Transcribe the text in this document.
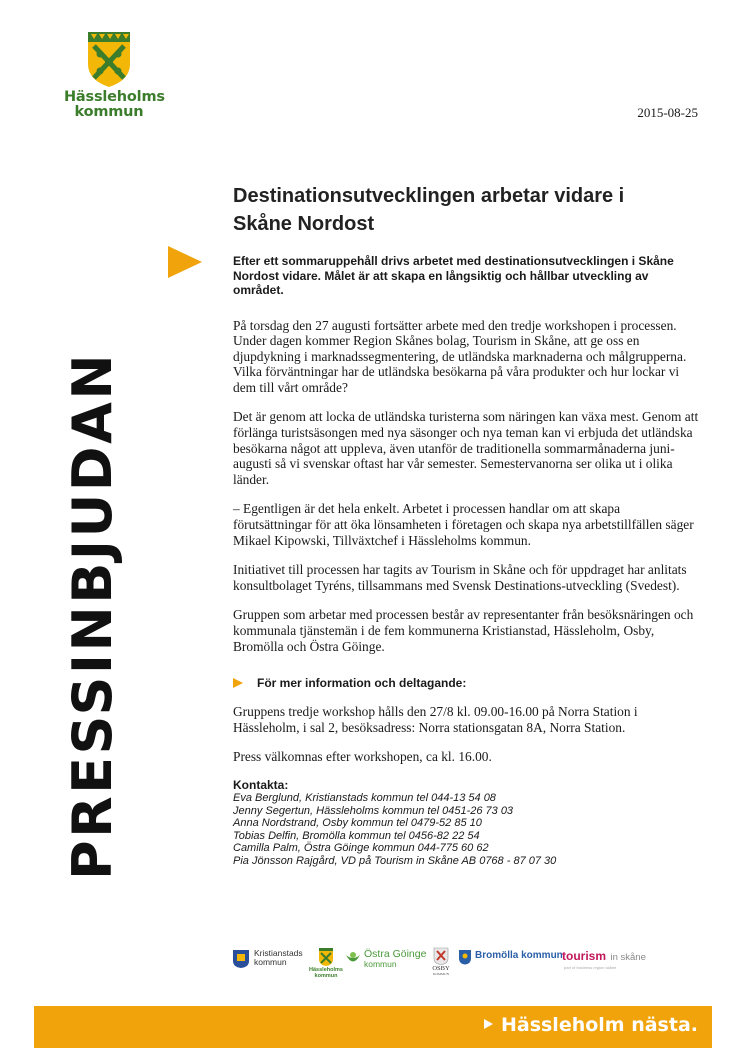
Hässleholms
kommun	2015-08-25
PRESSINBJUDAN
Destinationsutvecklingen arbetar vidare i
Skåne Nordost

Efter ett sommaruppehåll drivs arbetet med destinationsutvecklingen i Skåne Nordost vidare. Målet är att skapa en långsiktig och hållbar utveckling av området.

På torsdag den 27 augusti fortsätter arbete med den tredje workshopen i processen. Under dagen kommer Region Skånes bolag, Tourism in Skåne, att ge oss en djupdykning i marknadssegmentering, de utländska marknaderna och målgrupperna. Vilka förväntningar har de utländska besökarna på våra produkter och hur lockar vi dem till vårt område?

Det är genom att locka de utländska turisterna som näringen kan växa mest. Genom att förlänga turistsäsongen med nya säsonger och nya teman kan vi erbjuda det utländska besökarna något att uppleva, även utanför de traditionella sommarmånaderna juni-augusti så vi svenskar oftast har vår semester. Semestervanorna ser olika ut i olika länder.

– Egentligen är det hela enkelt. Arbetet i processen handlar om att skapa förutsättningar för att öka lönsamheten i företagen och skapa nya arbetstillfällen säger Mikael Kipowski, Tillväxtchef i Hässleholms kommun.

Initiativet till processen har tagits av Tourism in Skåne och för uppdraget har anlitats konsultbolaget Tyréns, tillsammans med Svensk Destinations-utveckling (Svedest).

Gruppen som arbetar med processen består av representanter från besöksnäringen och kommunala tjänstemän i de fem kommunerna Kristianstad, Hässleholm, Osby, Bromölla och Östra Göinge.

För mer information och deltagande:

Gruppens tredje workshop hålls den 27/8 kl. 09.00-16.00 på Norra Station i Hässleholm, i sal 2, besöksadress: Norra stationsgatan 8A, Norra Station.

Press välkomnas efter workshopen, ca kl. 16.00.

Kontakta:
Eva Berglund, Kristianstads kommun tel 044-13 54 08
Jenny Segertun, Hässleholms kommun tel 0451-26 73 03
Anna Nordstrand, Osby kommun tel 0479-52 85 10
Tobias Delfin, Bromölla kommun tel 0456-82 22 54
Camilla Palm, Östra Göinge kommun 044-775 60 62
Pia Jönsson Rajgård, VD på Tourism in Skåne AB 0768 - 87 07 30
Kristianstads
kommun
Hässleholms
kommun
Östra Göinge
kommun	OSBY
KOMMUN
Bromölla kommun tourism in skåne
part of business region skåne
Hässleholm nästa.
